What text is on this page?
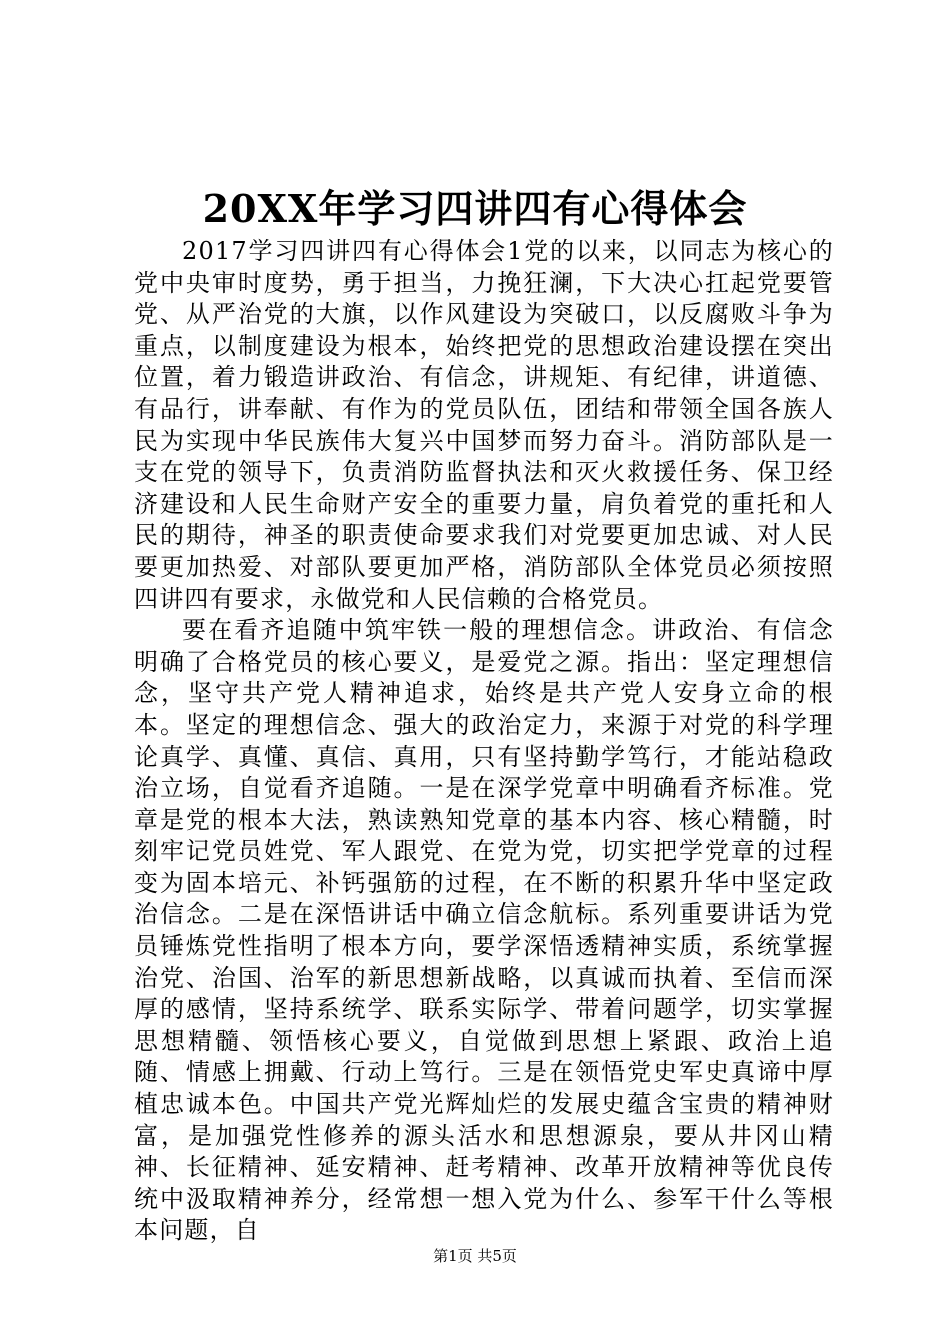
20XX年学习四讲四有心得体会

2017学习四讲四有心得体会1党的以来，以同志为核心的党中央审时度势，勇于担当，力挽狂澜，下大决心扛起党要管党、从严治党的大旗，以作风建设为突破口，以反腐败斗争为重点，以制度建设为根本，始终把党的思想政治建设摆在突出位置，着力锻造讲政治、有信念，讲规矩、有纪律，讲道德、有品行，讲奉献、有作为的党员队伍，团结和带领全国各族人民为实现中华民族伟大复兴中国梦而努力奋斗。消防部队是一支在党的领导下，负责消防监督执法和灭火救援任务、保卫经济建设和人民生命财产安全的重要力量，肩负着党的重托和人民的期待，神圣的职责使命要求我们对党要更加忠诚、对人民要更加热爱、对部队要更加严格，消防部队全体党员必须按照四讲四有要求，永做党和人民信赖的合格党员。

要在看齐追随中筑牢铁一般的理想信念。讲政治、有信念明确了合格党员的核心要义，是爱党之源。指出：坚定理想信念，坚守共产党人精神追求，始终是共产党人安身立命的根本。坚定的理想信念、强大的政治定力，来源于对党的科学理论真学、真懂、真信、真用，只有坚持勤学笃行，才能站稳政治立场，自觉看齐追随。一是在深学党章中明确看齐标准。党章是党的根本大法，熟读熟知党章的基本内容、核心精髓，时刻牢记党员姓党、军人跟党、在党为党，切实把学党章的过程变为固本培元、补钙强筋的过程，在不断的积累升华中坚定政治信念。二是在深悟讲话中确立信念航标。系列重要讲话为党员锤炼党性指明了根本方向，要学深悟透精神实质，系统掌握治党、治国、治军的新思想新战略，以真诚而执着、至信而深厚的感情，坚持系统学、联系实际学、带着问题学，切实掌握思想精髓、领悟核心要义，自觉做到思想上紧跟、政治上追随、情感上拥戴、行动上笃行。三是在领悟党史军史真谛中厚植忠诚本色。中国共产党光辉灿烂的发展史蕴含宝贵的精神财富，是加强党性修养的源头活水和思想源泉，要从井冈山精神、长征精神、延安精神、赶考精神、改革开放精神等优良传统中汲取精神养分，经常想一想入党为什么、参军干什么等根本问题，自

第1页 共5页
